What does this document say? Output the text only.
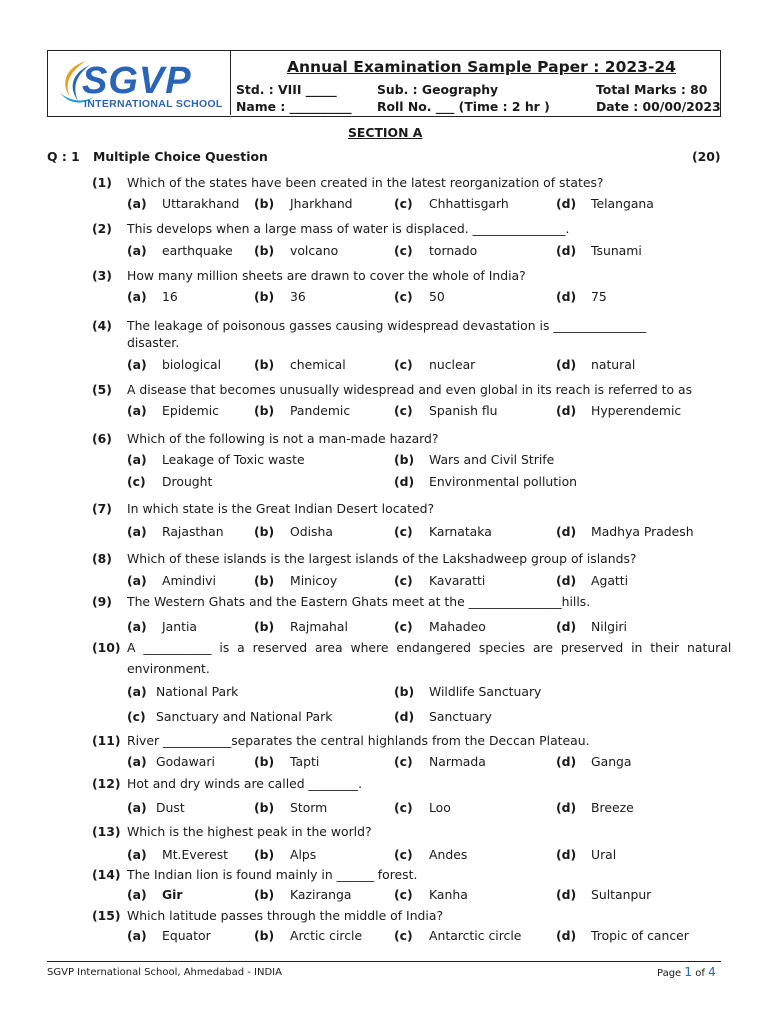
SGVP
INTERNATIONAL SCHOOL
Annual Examination Sample Paper : 2023-24
Std. : VIII _____	Sub. : Geography	Total Marks : 80
Name : __________ Roll No. ___ (Time : 2 hr )	Date : 00/00/2023
SECTION A
Q : 1 Multiple Choice Question	(20)
(1) Which of the states have been created in the latest reorganization of states?
(a) Uttarakhand (b) Jharkhand	(c) Chhattisgarh	(d) Telangana
(2) This develops when a large mass of water is displaced. _______________.
(a) earthquake (b) volcano	(c) tornado	(d) Tsunami
(3) How many million sheets are drawn to cover the whole of India?
(a) 16	(b) 36	(c) 50	(d) 75
(4) The leakage of poisonous gasses causing widespread devastation is _______________
disaster.
(a) biological	(b) chemical	(c) nuclear	(d) natural
(5) A disease that becomes unusually widespread and even global in its reach is referred to as
(a) Epidemic	(b) Pandemic	(c) Spanish flu	(d) Hyperendemic
(6) Which of the following is not a man-made hazard?
(a) Leakage of Toxic waste	(b) Wars and Civil Strife
(c) Drought	(d) Environmental pollution
(7) In which state is the Great Indian Desert located?
(a) Rajasthan (b) Odisha	(c) Karnataka	(d) Madhya Pradesh
(8) Which of these islands is the largest islands of the Lakshadweep group of islands?
(a) Amindivi	(b) Minicoy	(c) Kavaratti	(d) Agatti
(9) The Western Ghats and the Eastern Ghats meet at the _______________hills.
(a) Jantia	(b) Rajmahal	(c) Mahadeo	(d) Nilgiri
(10) A  ___________  is  a  reserved  area  where  endangered  species  are  preserved  in  their  natural
environment.
(a) National Park	(b) Wildlife Sanctuary
(c) Sanctuary and National Park	(d) Sanctuary
(11) River ___________separates the central highlands from the Deccan Plateau.
(a) Godawari	(b) Tapti	(c) Narmada	(d) Ganga
(12) Hot and dry winds are called ________.
(a) Dust	(b) Storm	(c) Loo	(d) Breeze
(13) Which is the highest peak in the world?
(a) Mt.Everest (b) Alps	(c) Andes	(d) Ural
(14) The Indian lion is found mainly in ______ forest.
(a) Gir	(b) Kaziranga	(c) Kanha	(d) Sultanpur
(15) Which latitude passes through the middle of India?
(a) Equator	(b) Arctic circle	(c) Antarctic circle	(d) Tropic of cancer
SGVP International School, Ahmedabad - INDIA	Page 1 of 4
